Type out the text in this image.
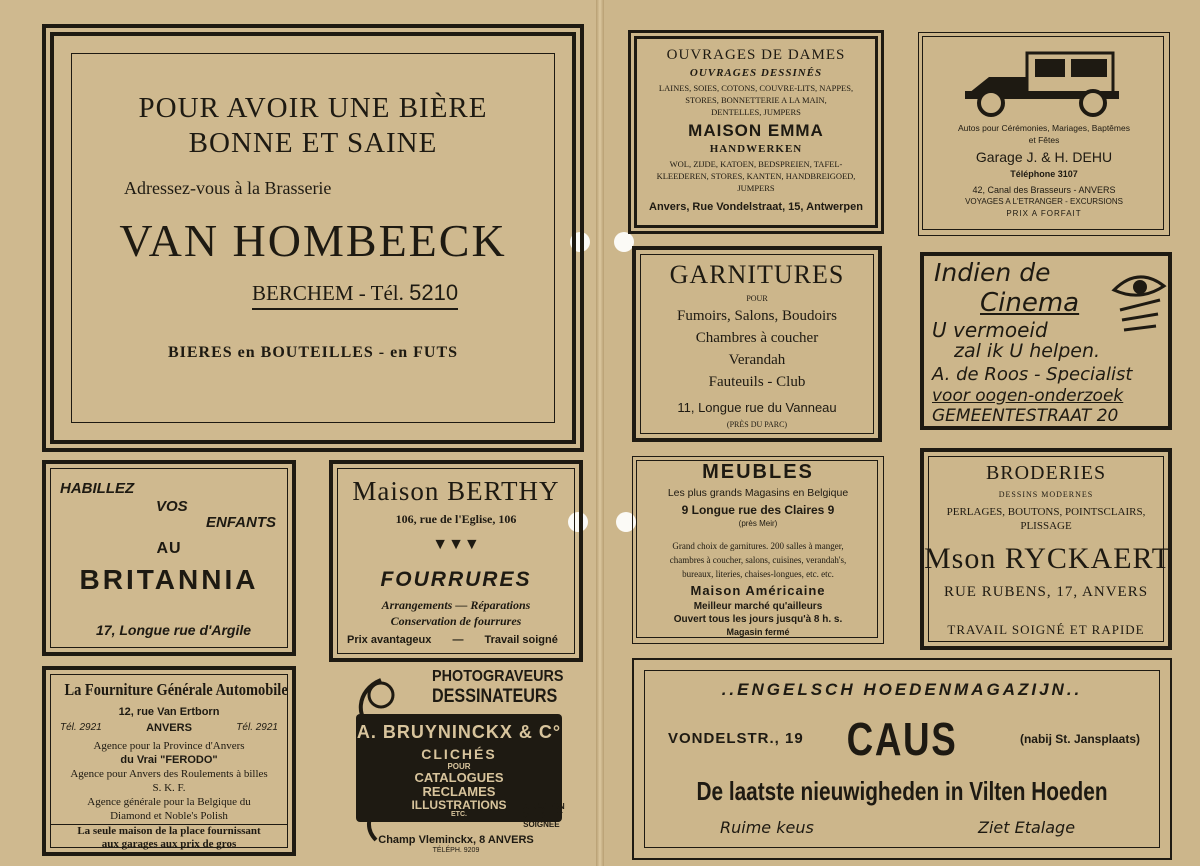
POUR AVOIR UNE BIÈRE
BONNE ET SAINE
Adressez-vous à la Brasserie
VAN HOMBEECK
BERCHEM - Tél. 5210
BIERES en BOUTEILLES - en FUTS
HABILLEZ
VOS
ENFANTS
AU
BRITANNIA
17, Longue rue d'Argile
Maison BERTHY
106, rue de l'Eglise, 106
▼▼▼
FOURRURES
Arrangements — Réparations
Conservation de fourrures
Prix avantageux — Travail soigné
La Fourniture Générale Automobile
12, rue Van Ertborn
Tél. 2921	ANVERS	Tél. 2921
Agence pour la Province d'Anvers
du Vrai "FERODO"
Agence pour Anvers des Roulements à billes
S. K. F.
Agence générale pour la Belgique du
Diamond et Noble's Polish
La seule maison de la place fournissant
aux garages aux prix de gros
PHOTOGRAVEURS
DESSINATEURS
A. BRUYNINCKX & C°
CLICHÉS
POUR
CATALOGUES
RECLAMES
ILLUSTRATIONS
ETC.
EXECUTION
RAPIDE ET
SOIGNÉE
Champ Vleminckx, 8 ANVERS
TÉLÉPH. 9209
OUVRAGES DE DAMES
OUVRAGES DESSINÉS
LAINES, SOIES, COTONS, COUVRE-LITS, NAPPES,
STORES, BONNETTERIE A LA MAIN,
DENTELLES, JUMPERS
MAISON EMMA
HANDWERKEN
WOL, ZIJDE, KATOEN, BEDSPREIEN, TAFEL-
KLEEDEREN, STORES, KANTEN, HANDBREIGOED,
JUMPERS
Anvers, Rue Vondelstraat, 15, Antwerpen
Autos pour Cérémonies, Mariages, Baptêmes
et Fêtes
Garage J. & H. DEHU
Téléphone 3107
42, Canal des Brasseurs - ANVERS
VOYAGES A L'ETRANGER - EXCURSIONS
PRIX A FORFAIT
GARNITURES
POUR
Fumoirs, Salons, Boudoirs
Chambres à coucher
Verandah
Fauteuils - Club
11, Longue rue du Vanneau
(PRÈS DU PARC)
Indien de
Cinema
U vermoeid
zal ik U helpen.
A. de Roos - Specialist
voor oogen-onderzoek
GEMEENTESTRAAT 20
MEUBLES
Les plus grands Magasins en Belgique
9 Longue rue des Claires 9
(près Meir)
Grand choix de garnitures. 200 salles à manger,
chambres à coucher, salons, cuisines, verandah's,
bureaux, literies, chaises-longues, etc. etc.
Maison Américaine
Meilleur marché qu'ailleurs
Ouvert tous les jours jusqu'à 8 h. s.
Magasin fermé
BRODERIES
DESSINS MODERNES
PERLAGES, BOUTONS, POINTSCLAIRS,
PLISSAGE
Mson RYCKAERT
RUE RUBENS, 17, ANVERS
TRAVAIL SOIGNÉ ET RAPIDE
..ENGELSCH HOEDENMAGAZIJN..
VONDELSTR., 19 CAUS	(nabij St. Jansplaats)
De laatste nieuwigheden in Vilten Hoeden
Ruime keus	Ziet Etalage
